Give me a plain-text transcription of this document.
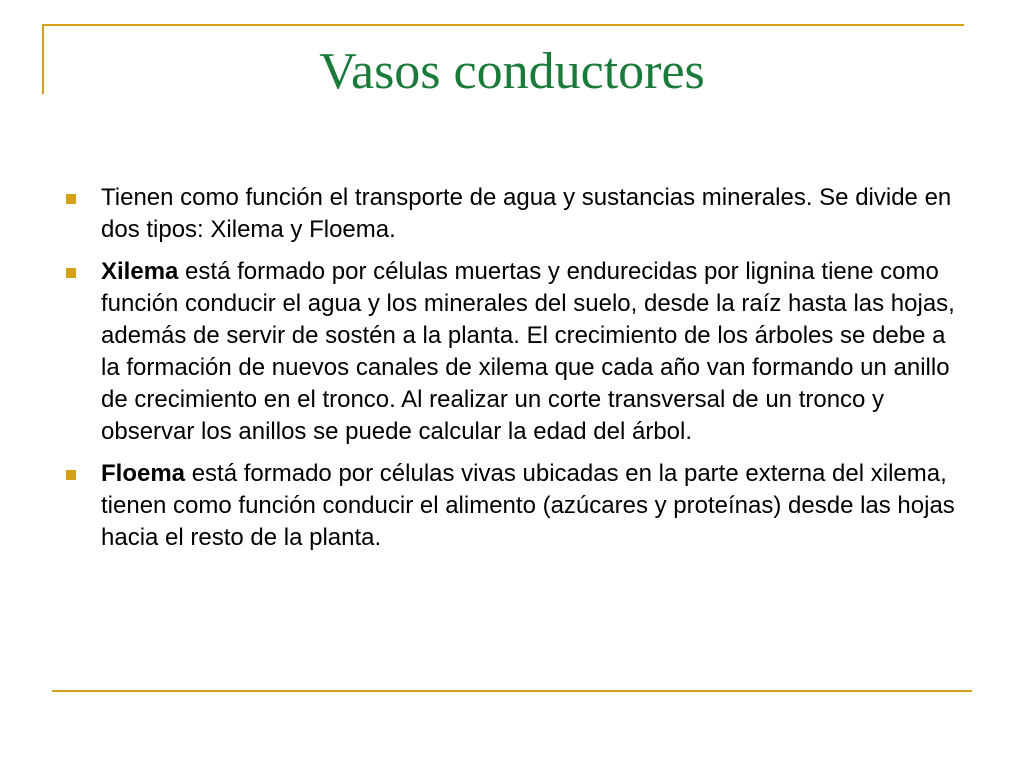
Vasos conductores
Tienen como función el transporte de agua y sustancias minerales. Se divide en dos tipos: Xilema y Floema.
Xilema está formado por células muertas y endurecidas por lignina tiene como función conducir el agua y los minerales del suelo, desde la raíz hasta las hojas, además de servir de sostén a la planta. El crecimiento de los árboles se debe a la formación de nuevos canales de xilema que cada año van formando un anillo de crecimiento en el tronco. Al realizar un corte transversal de un tronco y observar los anillos se puede calcular la edad del árbol.
Floema está formado por células vivas ubicadas en la parte externa del xilema, tienen como función conducir el alimento (azúcares y proteínas) desde las hojas hacia el resto de la planta.
